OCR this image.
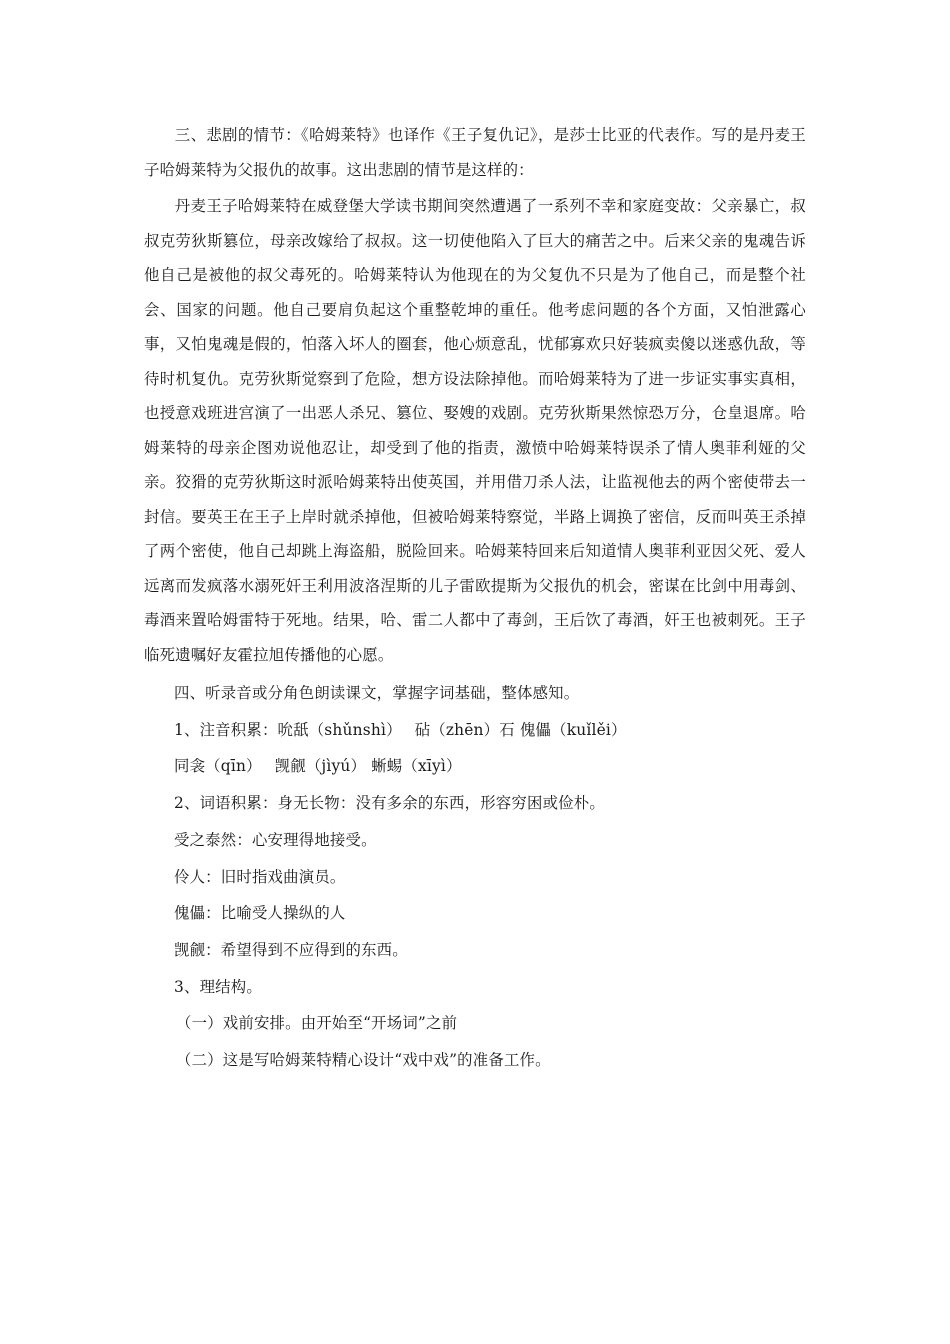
三、悲剧的情节：《哈姆莱特》也译作《王子复仇记》，是莎士比亚的代表作。写的是丹麦王子哈姆莱特为父报仇的故事。这出悲剧的情节是这样的：

丹麦王子哈姆莱特在威登堡大学读书期间突然遭遇了一系列不幸和家庭变故：父亲暴亡，叔叔克劳狄斯篡位，母亲改嫁给了叔叔。这一切使他陷入了巨大的痛苦之中。后来父亲的鬼魂告诉他自己是被他的叔父毒死的。哈姆莱特认为他现在的为父复仇不只是为了他自己，而是整个社会、国家的问题。他自己要肩负起这个重整乾坤的重任。他考虑问题的各个方面，又怕泄露心事，又怕鬼魂是假的，怕落入坏人的圈套，他心烦意乱，忧郁寡欢只好装疯卖傻以迷惑仇敌，等待时机复仇。克劳狄斯觉察到了危险，想方设法除掉他。而哈姆莱特为了进一步证实事实真相，也授意戏班进宫演了一出恶人杀兄、篡位、娶嫂的戏剧。克劳狄斯果然惊恐万分，仓皇退席。哈姆莱特的母亲企图劝说他忍让，却受到了他的指责，激愤中哈姆莱特误杀了情人奥菲利娅的父亲。狡猾的克劳狄斯这时派哈姆莱特出使英国，并用借刀杀人法，让监视他去的两个密使带去一封信。要英王在王子上岸时就杀掉他，但被哈姆莱特察觉，半路上调换了密信，反而叫英王杀掉了两个密使，他自己却跳上海盗船，脱险回来。哈姆莱特回来后知道情人奥菲利亚因父死、爱人远离而发疯落水溺死奸王利用波洛涅斯的儿子雷欧提斯为父报仇的机会，密谋在比剑中用毒剑、毒酒来置哈姆雷特于死地。结果，哈、雷二人都中了毒剑，王后饮了毒酒，奸王也被刺死。王子临死遗嘱好友霍拉旭传播他的心愿。

四、听录音或分角色朗读课文，掌握字词基础，整体感知。

1、注音积累：吮舐（shǔnshì）　 砧（zhēn）石 傀儡（kuǐlěi）

同衾（qīn）　 觊觎（jìyú） 蜥蜴（xīyì）

2、词语积累：身无长物：没有多余的东西，形容穷困或俭朴。

受之泰然：心安理得地接受。

伶人：旧时指戏曲演员。

傀儡：比喻受人操纵的人

觊觎：希望得到不应得到的东西。

3、理结构。

（一）戏前安排。由开始至“开场词”之前

（二）这是写哈姆莱特精心设计“戏中戏”的准备工作。
